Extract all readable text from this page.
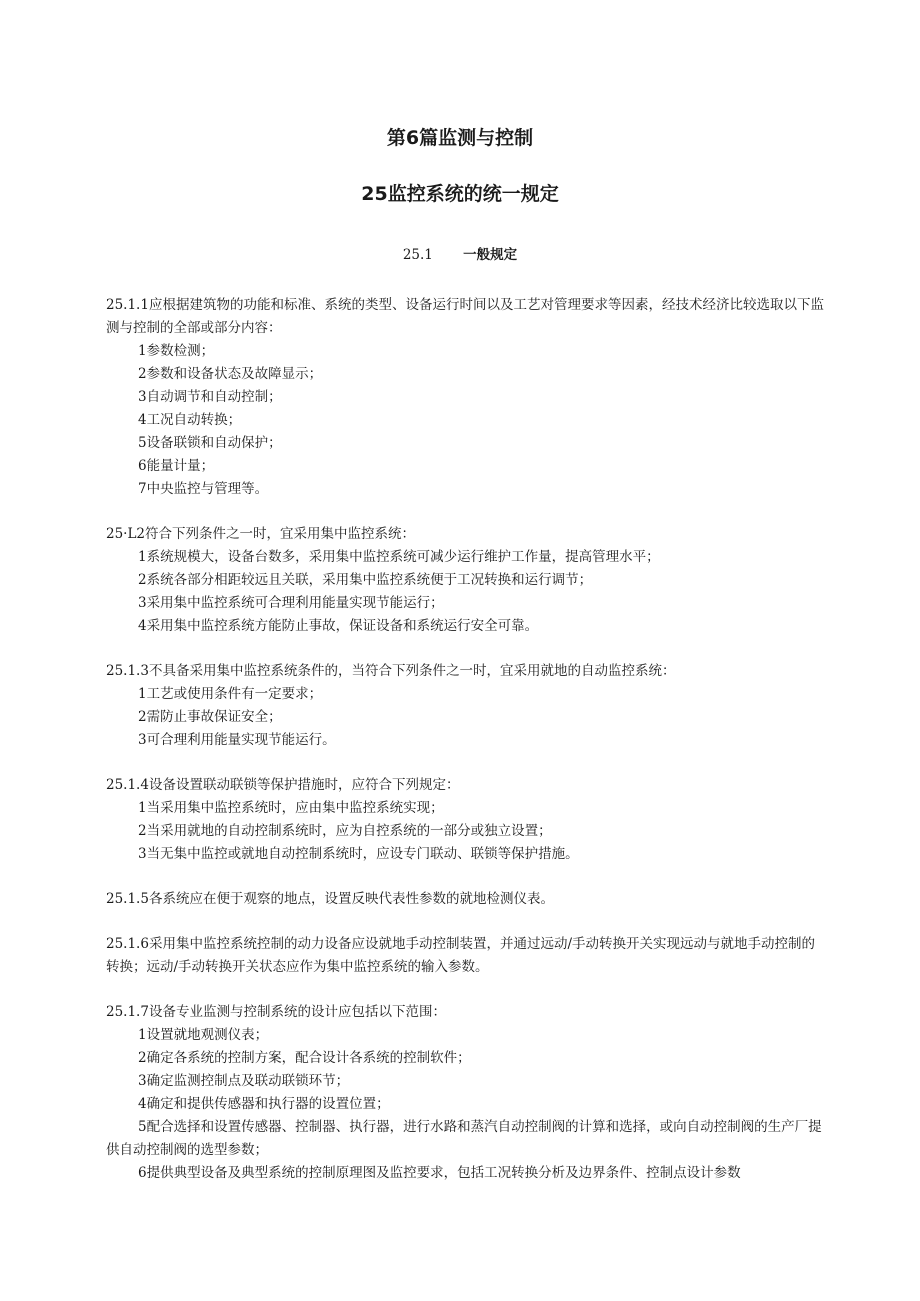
第6篇监测与控制
25监控系统的统一规定
25.1 一般规定

25.1.1应根据建筑物的功能和标准、系统的类型、设备运行时间以及工艺对管理要求等因素，经技术经济比较选取以下监测与控制的全部或部分内容：

1参数检测；

2参数和设备状态及故障显示；

3自动调节和自动控制；

4工况自动转换；

5设备联锁和自动保护；

6能量计量；

7中央监控与管理等。

25·L2符合下列条件之一时，宜采用集中监控系统：

1系统规模大，设备台数多，采用集中监控系统可减少运行维护工作量，提高管理水平；

2系统各部分相距较远且关联，采用集中监控系统便于工况转换和运行调节；

3采用集中监控系统可合理利用能量实现节能运行；

4采用集中监控系统方能防止事故，保证设备和系统运行安全可靠。

25.1.3不具备采用集中监控系统条件的，当符合下列条件之一时，宜采用就地的自动监控系统：

1工艺或使用条件有一定要求；

2需防止事故保证安全；

3可合理利用能量实现节能运行。

25.1.4设备设置联动联锁等保护措施时，应符合下列规定：

1当采用集中监控系统时，应由集中监控系统实现；

2当采用就地的自动控制系统时，应为自控系统的一部分或独立设置；

3当无集中监控或就地自动控制系统时，应设专门联动、联锁等保护措施。

25.1.5各系统应在便于观察的地点，设置反映代表性参数的就地检测仪表。

25.1.6采用集中监控系统控制的动力设备应设就地手动控制装置，并通过远动/手动转换开关实现远动与就地手动控制的转换；远动/手动转换开关状态应作为集中监控系统的输入参数。

25.1.7设备专业监测与控制系统的设计应包括以下范围：

1设置就地观测仪表；

2确定各系统的控制方案，配合设计各系统的控制软件；

3确定监测控制点及联动联锁环节；

4确定和提供传感器和执行器的设置位置；

5配合选择和设置传感器、控制器、执行器，进行水路和蒸汽自动控制阀的计算和选择，或向自动控制阀的生产厂提供自动控制阀的选型参数；

6提供典型设备及典型系统的控制原理图及监控要求，包括工况转换分析及边界条件、控制点设计参数
